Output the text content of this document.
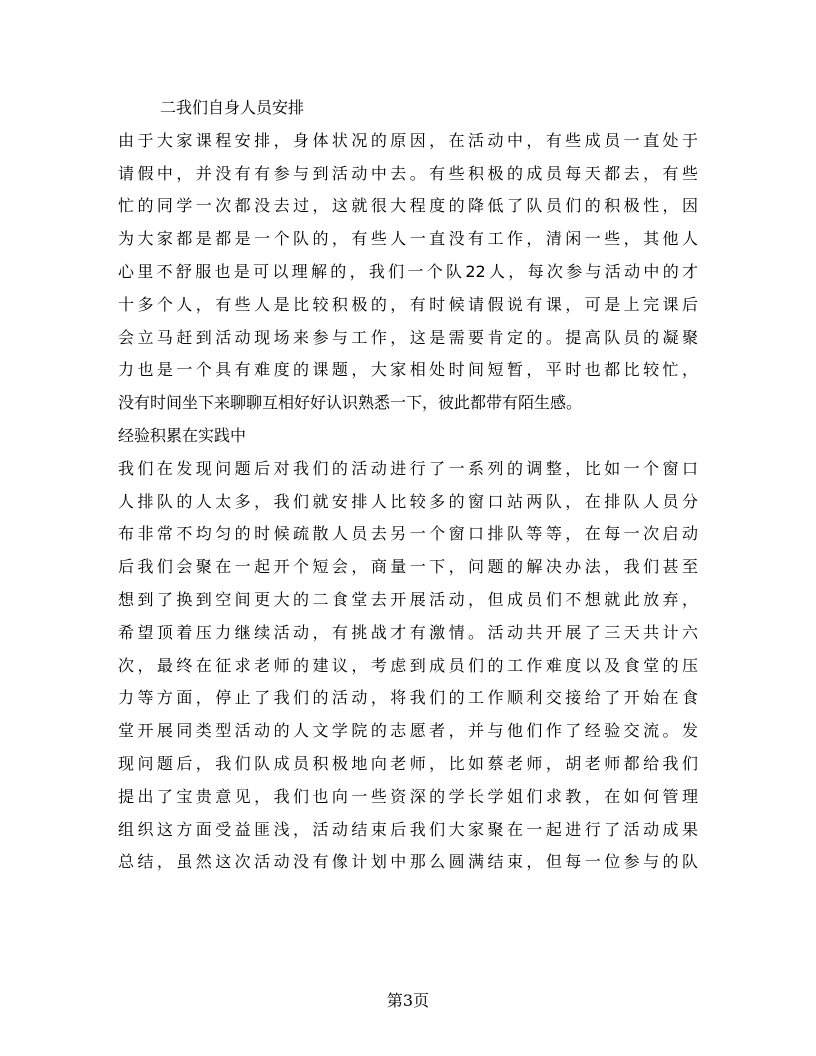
二我们自身人员安排
由于大家课程安排，身体状况的原因，在活动中，有些成员一直处于
请假中，并没有有参与到活动中去。有些积极的成员每天都去，有些
忙的同学一次都没去过，这就很大程度的降低了队员们的积极性，因
为大家都是都是一个队的，有些人一直没有工作，清闲一些，其他人
心里不舒服也是可以理解的，我们一个队22人，每次参与活动中的才
十多个人，有些人是比较积极的，有时候请假说有课，可是上完课后
会立马赶到活动现场来参与工作，这是需要肯定的。提高队员的凝聚
力也是一个具有难度的课题，大家相处时间短暂，平时也都比较忙，
没有时间坐下来聊聊互相好好认识熟悉一下，彼此都带有陌生感。
经验积累在实践中
我们在发现问题后对我们的活动进行了一系列的调整，比如一个窗口
人排队的人太多，我们就安排人比较多的窗口站两队，在排队人员分
布非常不均匀的时候疏散人员去另一个窗口排队等等，在每一次启动
后我们会聚在一起开个短会，商量一下，问题的解决办法，我们甚至
想到了换到空间更大的二食堂去开展活动，但成员们不想就此放弃，
希望顶着压力继续活动，有挑战才有激情。活动共开展了三天共计六
次，最终在征求老师的建议，考虑到成员们的工作难度以及食堂的压
力等方面，停止了我们的活动，将我们的工作顺利交接给了开始在食
堂开展同类型活动的人文学院的志愿者，并与他们作了经验交流。发
现问题后，我们队成员积极地向老师，比如蔡老师，胡老师都给我们
提出了宝贵意见，我们也向一些资深的学长学姐们求教，在如何管理
组织这方面受益匪浅，活动结束后我们大家聚在一起进行了活动成果
总结，虽然这次活动没有像计划中那么圆满结束，但每一位参与的队
第3页
